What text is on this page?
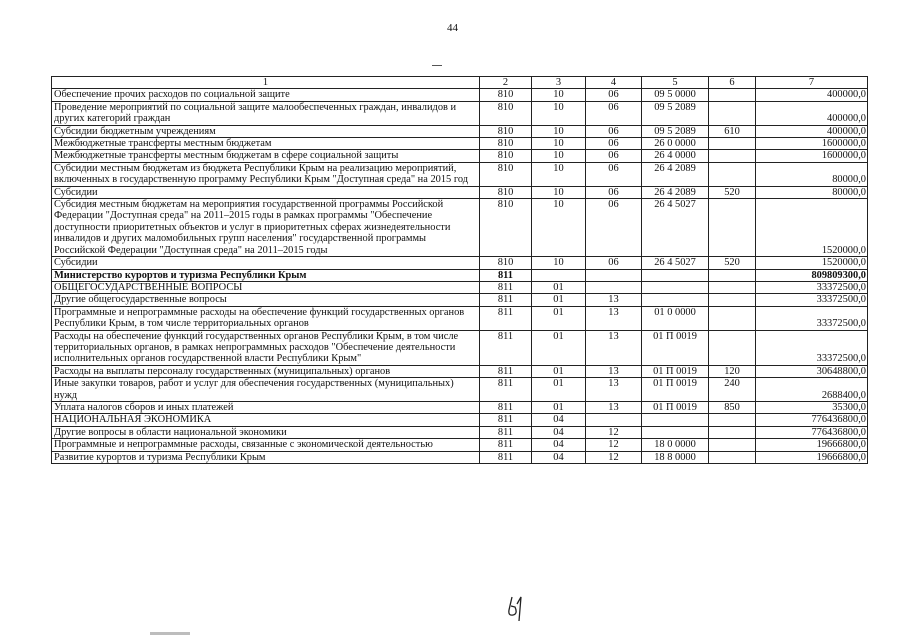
44
1	2	3	4	5	6	7
Обеспечение прочих расходов по социальной защите	810	10	06	09 5 0000		400000,0
Проведение мероприятий по социальной защите малообеспеченных граждан, инвалидов и других категорий граждан	810	10	06	09 5 2089		400000,0
Субсидии бюджетным учреждениям	810	10	06	09 5 2089	610	400000,0
Межбюджетные трансферты местным бюджетам	810	10	06	26 0 0000		1600000,0
Межбюджетные трансферты местным бюджетам в сфере социальной защиты	810	10	06	26 4 0000		1600000,0
Субсидии местным бюджетам из бюджета Республики Крым на реализацию мероприятий, включенных в государственную программу Республики Крым "Доступная среда" на 2015 год	810	10	06	26 4 2089		80000,0
Субсидии	810	10	06	26 4 2089	520	80000,0
Субсидия местным бюджетам на мероприятия государственной программы Российской Федерации "Доступная среда" на 2011–2015 годы в рамках программы "Обеспечение доступности приоритетных объектов и услуг в приоритетных сферах жизнедеятельности инвалидов и других маломобильных групп населения" государственной программы Российской Федерации "Доступная среда" на 2011–2015 годы	810	10	06	26 4 5027		1520000,0
Субсидии	810	10	06	26 4 5027	520	1520000,0
Министерство курортов и туризма Республики Крым	811					809809300,0
ОБЩЕГОСУДАРСТВЕННЫЕ ВОПРОСЫ	811	01				33372500,0
Другие общегосударственные вопросы	811	01	13			33372500,0
Программные и непрограммные расходы на обеспечение функций государственных органов Республики Крым, в том числе территориальных органов	811	01	13	01 0 0000		33372500,0
Расходы на обеспечение функций государственных органов Республики Крым, в том числе территориальных органов, в рамках непрограммных расходов "Обеспечение деятельности исполнительных органов государственной власти Республики Крым"	811	01	13	01 П 0019		33372500,0
Расходы на выплаты персоналу государственных (муниципальных) органов	811	01	13	01 П 0019	120	30648800,0
Иные закупки товаров, работ и услуг для обеспечения государственных (муниципальных) нужд	811	01	13	01 П 0019	240	2688400,0
Уплата налогов сборов и иных платежей	811	01	13	01 П 0019	850	35300,0
НАЦИОНАЛЬНАЯ ЭКОНОМИКА	811	04				776436800,0
Другие вопросы в области национальной экономики	811	04	12			776436800,0
Программные и непрограммные расходы, связанные с экономической деятельностью	811	04	12	18 0 0000		19666800,0
Развитие курортов и туризма Республики Крым	811	04	12	18 8 0000		19666800,0
